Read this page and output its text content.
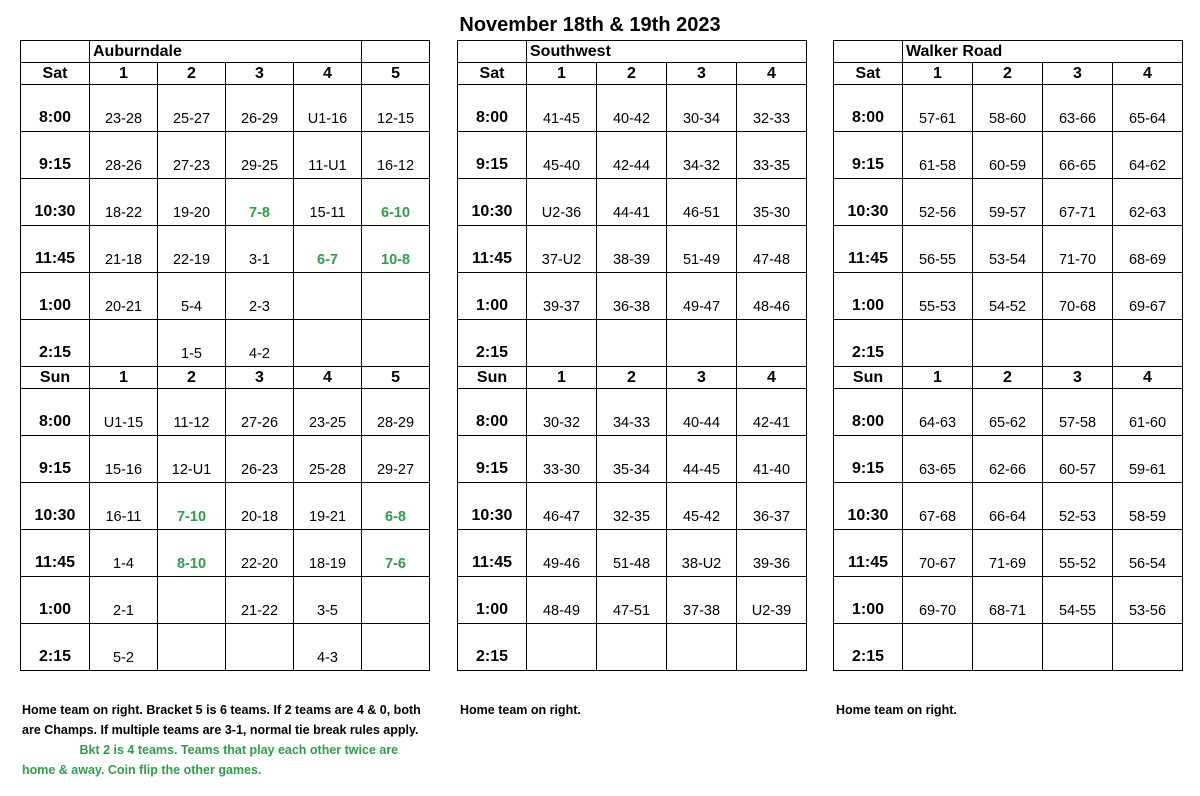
November 18th & 19th 2023
	Auburndale				
Sat	1	2	3	4	5
8:00	23-28	25-27	26-29	U1-16	12-15
9:15	28-26	27-23	29-25	11-U1	16-12
10:30	18-22	19-20	7-8	15-11	6-10
11:45	21-18	22-19	3-1	6-7	10-8
1:00	20-21	5-4	2-3		
2:15		1-5	4-2		
Sun	1	2	3	4	5
8:00	U1-15	11-12	27-26	23-25	28-29
9:15	15-16	12-U1	26-23	25-28	29-27
10:30	16-11	7-10	20-18	19-21	6-8
11:45	1-4	8-10	22-20	18-19	7-6
1:00	2-1		21-22	3-5	
2:15	5-2			4-3	
	Southwest			
Sat	1	2	3	4
8:00	41-45	40-42	30-34	32-33
9:15	45-40	42-44	34-32	33-35
10:30	U2-36	44-41	46-51	35-30
11:45	37-U2	38-39	51-49	47-48
1:00	39-37	36-38	49-47	48-46
2:15				
Sun	1	2	3	4
8:00	30-32	34-33	40-44	42-41
9:15	33-30	35-34	44-45	41-40
10:30	46-47	32-35	45-42	36-37
11:45	49-46	51-48	38-U2	39-36
1:00	48-49	47-51	37-38	U2-39
2:15				
	Walker Road			
Sat	1	2	3	4
8:00	57-61	58-60	63-66	65-64
9:15	61-58	60-59	66-65	64-62
10:30	52-56	59-57	67-71	62-63
11:45	56-55	53-54	71-70	68-69
1:00	55-53	54-52	70-68	69-67
2:15				
Sun	1	2	3	4
8:00	64-63	65-62	57-58	61-60
9:15	63-65	62-66	60-57	59-61
10:30	67-68	66-64	52-53	58-59
11:45	70-67	71-69	55-52	56-54
1:00	69-70	68-71	54-55	53-56
2:15				
Home team on right. Bracket 5 is 6 teams. If 2 teams are 4 & 0, both are Champs. If multiple teams are 3-1, normal tie break rules apply.  Bkt 2 is 4 teams. Teams that play each other twice are home & away. Coin flip the other games.
Home team on right.	Home team on right.
